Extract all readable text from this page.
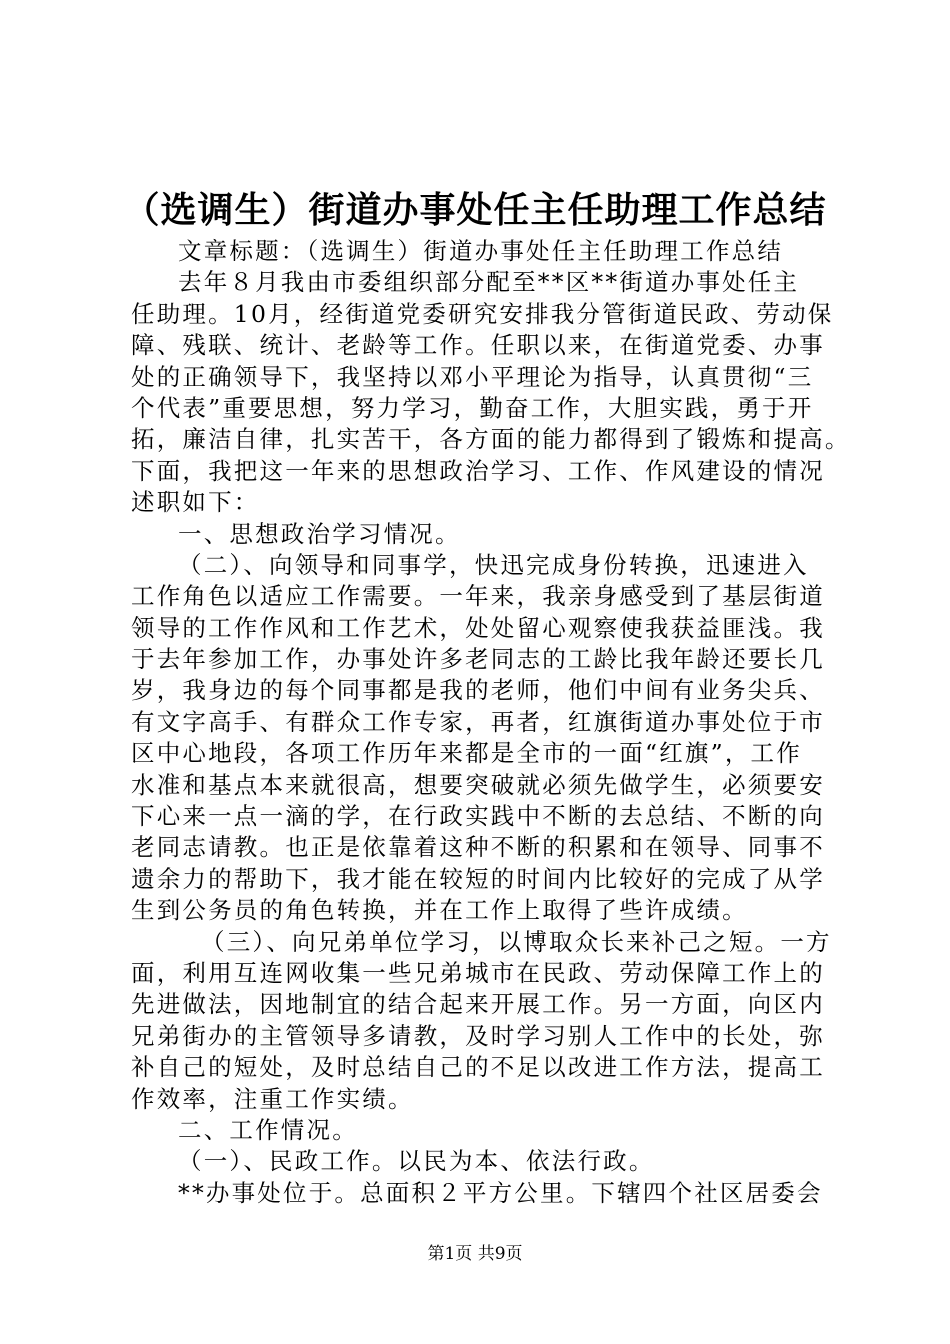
（选调生）街道办事处任主任助理工作总结
文章标题：（选调生）街道办事处任主任助理工作总结
去年８月我由市委组织部分配至**区**街道办事处任主
任助理。10月，经街道党委研究安排我分管街道民政、劳动保
障、残联、统计、老龄等工作。任职以来，在街道党委、办事
处的正确领导下，我坚持以邓小平理论为指导，认真贯彻“三
个代表”重要思想，努力学习，勤奋工作，大胆实践，勇于开
拓，廉洁自律，扎实苦干，各方面的能力都得到了锻炼和提高。
下面，我把这一年来的思想政治学习、工作、作风建设的情况
述职如下：
一、思想政治学习情况。
（二）、向领导和同事学，快迅完成身份转换，迅速进入
工作角色以适应工作需要。一年来，我亲身感受到了基层街道
领导的工作作风和工作艺术，处处留心观察使我获益匪浅。我
于去年参加工作，办事处许多老同志的工龄比我年龄还要长几
岁，我身边的每个同事都是我的老师，他们中间有业务尖兵、
有文字高手、有群众工作专家，再者，红旗街道办事处位于市
区中心地段，各项工作历年来都是全市的一面“红旗”，工作
水准和基点本来就很高，想要突破就必须先做学生，必须要安
下心来一点一滴的学，在行政实践中不断的去总结、不断的向
老同志请教。也正是依靠着这种不断的积累和在领导、同事不
遗余力的帮助下，我才能在较短的时间内比较好的完成了从学
生到公务员的角色转换，并在工作上取得了些许成绩。
（三）、向兄弟单位学习，以博取众长来补己之短。一方
面，利用互连网收集一些兄弟城市在民政、劳动保障工作上的
先进做法，因地制宜的结合起来开展工作。另一方面，向区内
兄弟街办的主管领导多请教，及时学习别人工作中的长处，弥
补自己的短处，及时总结自己的不足以改进工作方法，提高工
作效率，注重工作实绩。
二、工作情况。
（一）、民政工作。以民为本、依法行政。
**办事处位于。总面积２平方公里。下辖四个社区居委会
第1页 共9页
